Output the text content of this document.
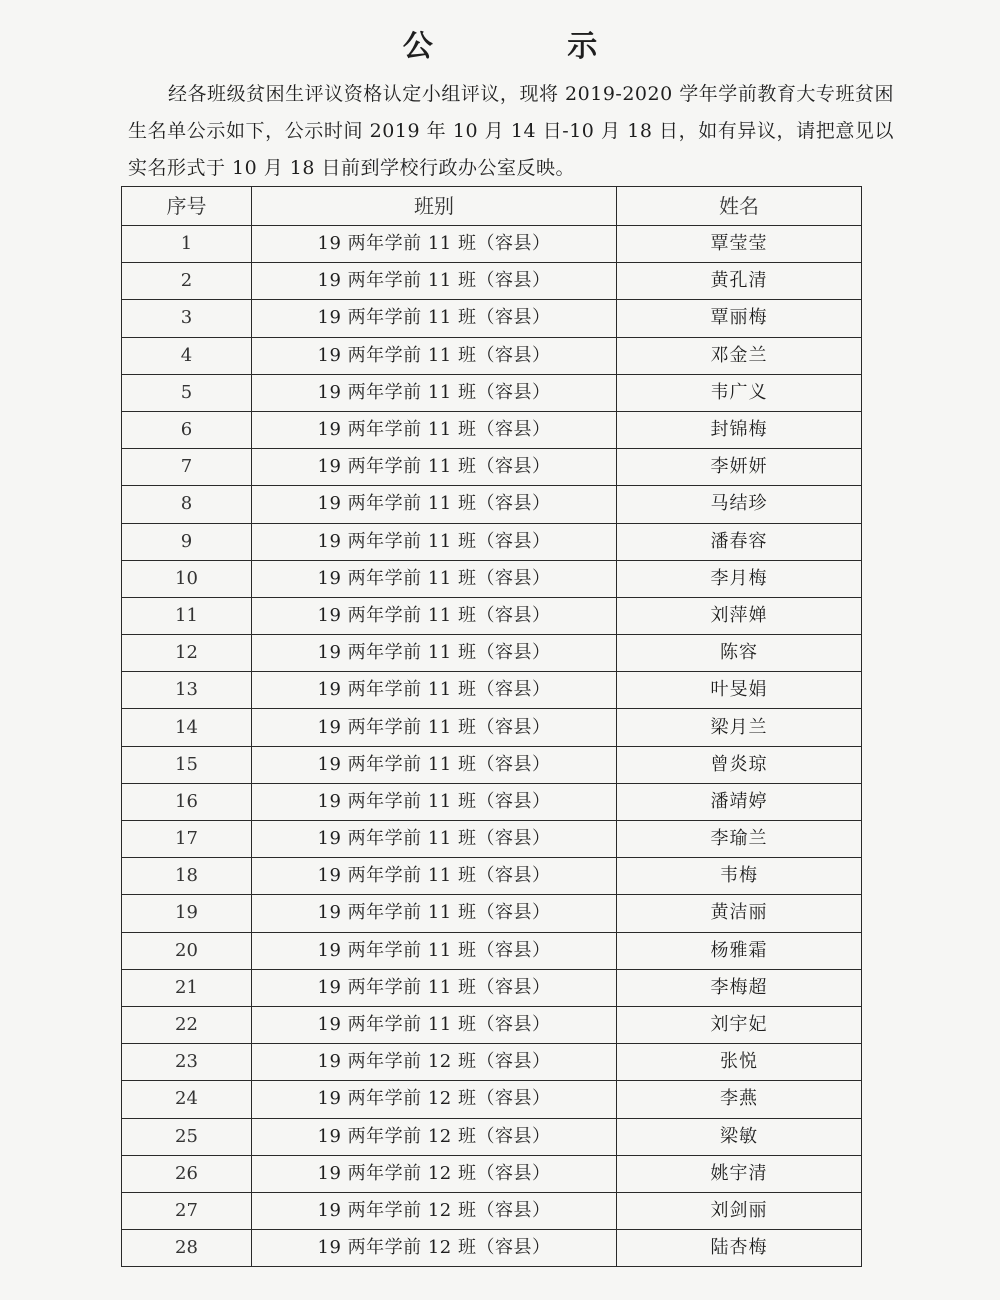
公 示
经各班级贫困生评议资格认定小组评议，现将 2019-2020 学年学前教育大专班贫困生名单公示如下，公示时间 2019 年 10 月 14 日-10 月 18 日，如有异议，请把意见以实名形式于 10 月 18 日前到学校行政办公室反映。
序号	班别	姓名
1	19 两年学前 11 班（容县）	覃莹莹
2	19 两年学前 11 班（容县）	黄孔清
3	19 两年学前 11 班（容县）	覃丽梅
4	19 两年学前 11 班（容县）	邓金兰
5	19 两年学前 11 班（容县）	韦广义
6	19 两年学前 11 班（容县）	封锦梅
7	19 两年学前 11 班（容县）	李妍妍
8	19 两年学前 11 班（容县）	马结珍
9	19 两年学前 11 班（容县）	潘春容
10	19 两年学前 11 班（容县）	李月梅
11	19 两年学前 11 班（容县）	刘萍婵
12	19 两年学前 11 班（容县）	陈容
13	19 两年学前 11 班（容县）	叶旻娟
14	19 两年学前 11 班（容县）	梁月兰
15	19 两年学前 11 班（容县）	曾炎琼
16	19 两年学前 11 班（容县）	潘靖婷
17	19 两年学前 11 班（容县）	李瑜兰
18	19 两年学前 11 班（容县）	韦梅
19	19 两年学前 11 班（容县）	黄洁丽
20	19 两年学前 11 班（容县）	杨雅霜
21	19 两年学前 11 班（容县）	李梅超
22	19 两年学前 11 班（容县）	刘宇妃
23	19 两年学前 12 班（容县）	张悦
24	19 两年学前 12 班（容县）	李燕
25	19 两年学前 12 班（容县）	梁敏
26	19 两年学前 12 班（容县）	姚宇清
27	19 两年学前 12 班（容县）	刘剑丽
28	19 两年学前 12 班（容县）	陆杏梅
